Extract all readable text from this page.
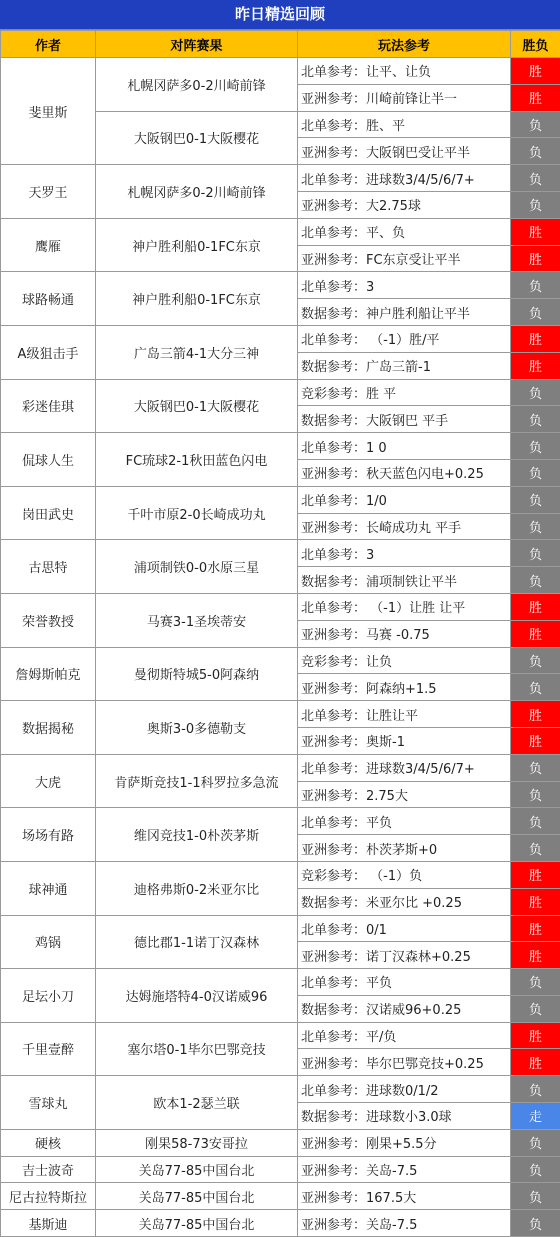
昨日精选回顾
作者	对阵赛果	玩法参考	胜负
斐里斯	札幌冈萨多0-2川崎前锋	北单参考：让平、让负	胜
		亚洲参考：川崎前锋让半一	胜
	大阪钢巴0-1大阪樱花	北单参考：胜、平	负
		亚洲参考：大阪钢巴受让平半	负
天罗王	札幌冈萨多0-2川崎前锋	北单参考：进球数3/4/5/6/7+	负
		亚洲参考：大2.75球	负
鹰雁	神户胜利船0-1FC东京	北单参考：平、负	胜
		亚洲参考：FC东京受让平半	胜
球路畅通	神户胜利船0-1FC东京	北单参考：3	负
		数据参考：神户胜利船让平半	负
A级狙击手	广岛三箭4-1大分三神	北单参考： （-1）胜/平	胜
		数据参考：广岛三箭-1	胜
彩迷佳琪	大阪钢巴0-1大阪樱花	竞彩参考：胜 平	负
		数据参考：大阪钢巴 平手	负
侃球人生	FC琉球2-1秋田蓝色闪电	北单参考：1 0	负
		亚洲参考：秋天蓝色闪电+0.25	负
岗田武史	千叶市原2-0长崎成功丸	北单参考：1/0	负
		亚洲参考：长崎成功丸 平手	负
古思特	浦项制铁0-0水原三星	北单参考：3	负
		数据参考：浦项制铁让平半	负
荣誉教授	马赛3-1圣埃蒂安	北单参考： （-1）让胜 让平	胜
		亚洲参考：马赛 -0.75	胜
詹姆斯帕克	曼彻斯特城5-0阿森纳	竞彩参考：让负	负
		亚洲参考：阿森纳+1.5	负
数据揭秘	奥斯3-0多德勒支	北单参考：让胜让平	胜
		亚洲参考：奥斯-1	胜
大虎	肯萨斯竞技1-1科罗拉多急流	北单参考：进球数3/4/5/6/7+	负
		亚洲参考：2.75大	负
场场有路	维冈竞技1-0朴茨茅斯	北单参考：平负	负
		亚洲参考：朴茨茅斯+0	负
球神通	迪格弗斯0-2米亚尔比	竞彩参考： （-1）负	胜
		数据参考：米亚尔比 +0.25	胜
鸡锅	德比郡1-1诺丁汉森林	北单参考：0/1	胜
		亚洲参考：诺丁汉森林+0.25	胜
足坛小刀	达姆施塔特4-0汉诺威96	北单参考：平负	负
		数据参考：汉诺威96+0.25	负
千里壹醉	塞尔塔0-1毕尔巴鄂竞技	北单参考：平/负	胜
		亚洲参考：毕尔巴鄂竞技+0.25	胜
雪球丸	欧本1-2瑟兰联	北单参考：进球数0/1/2	负
		数据参考：进球数小3.0球	走
硬核	刚果58-73安哥拉	亚洲参考：刚果+5.5分	负
吉士波奇	关岛77-85中国台北	亚洲参考：关岛-7.5	负
尼古拉特斯拉	关岛77-85中国台北	亚洲参考：167.5大	负
基斯迪	关岛77-85中国台北	亚洲参考：关岛-7.5	负
